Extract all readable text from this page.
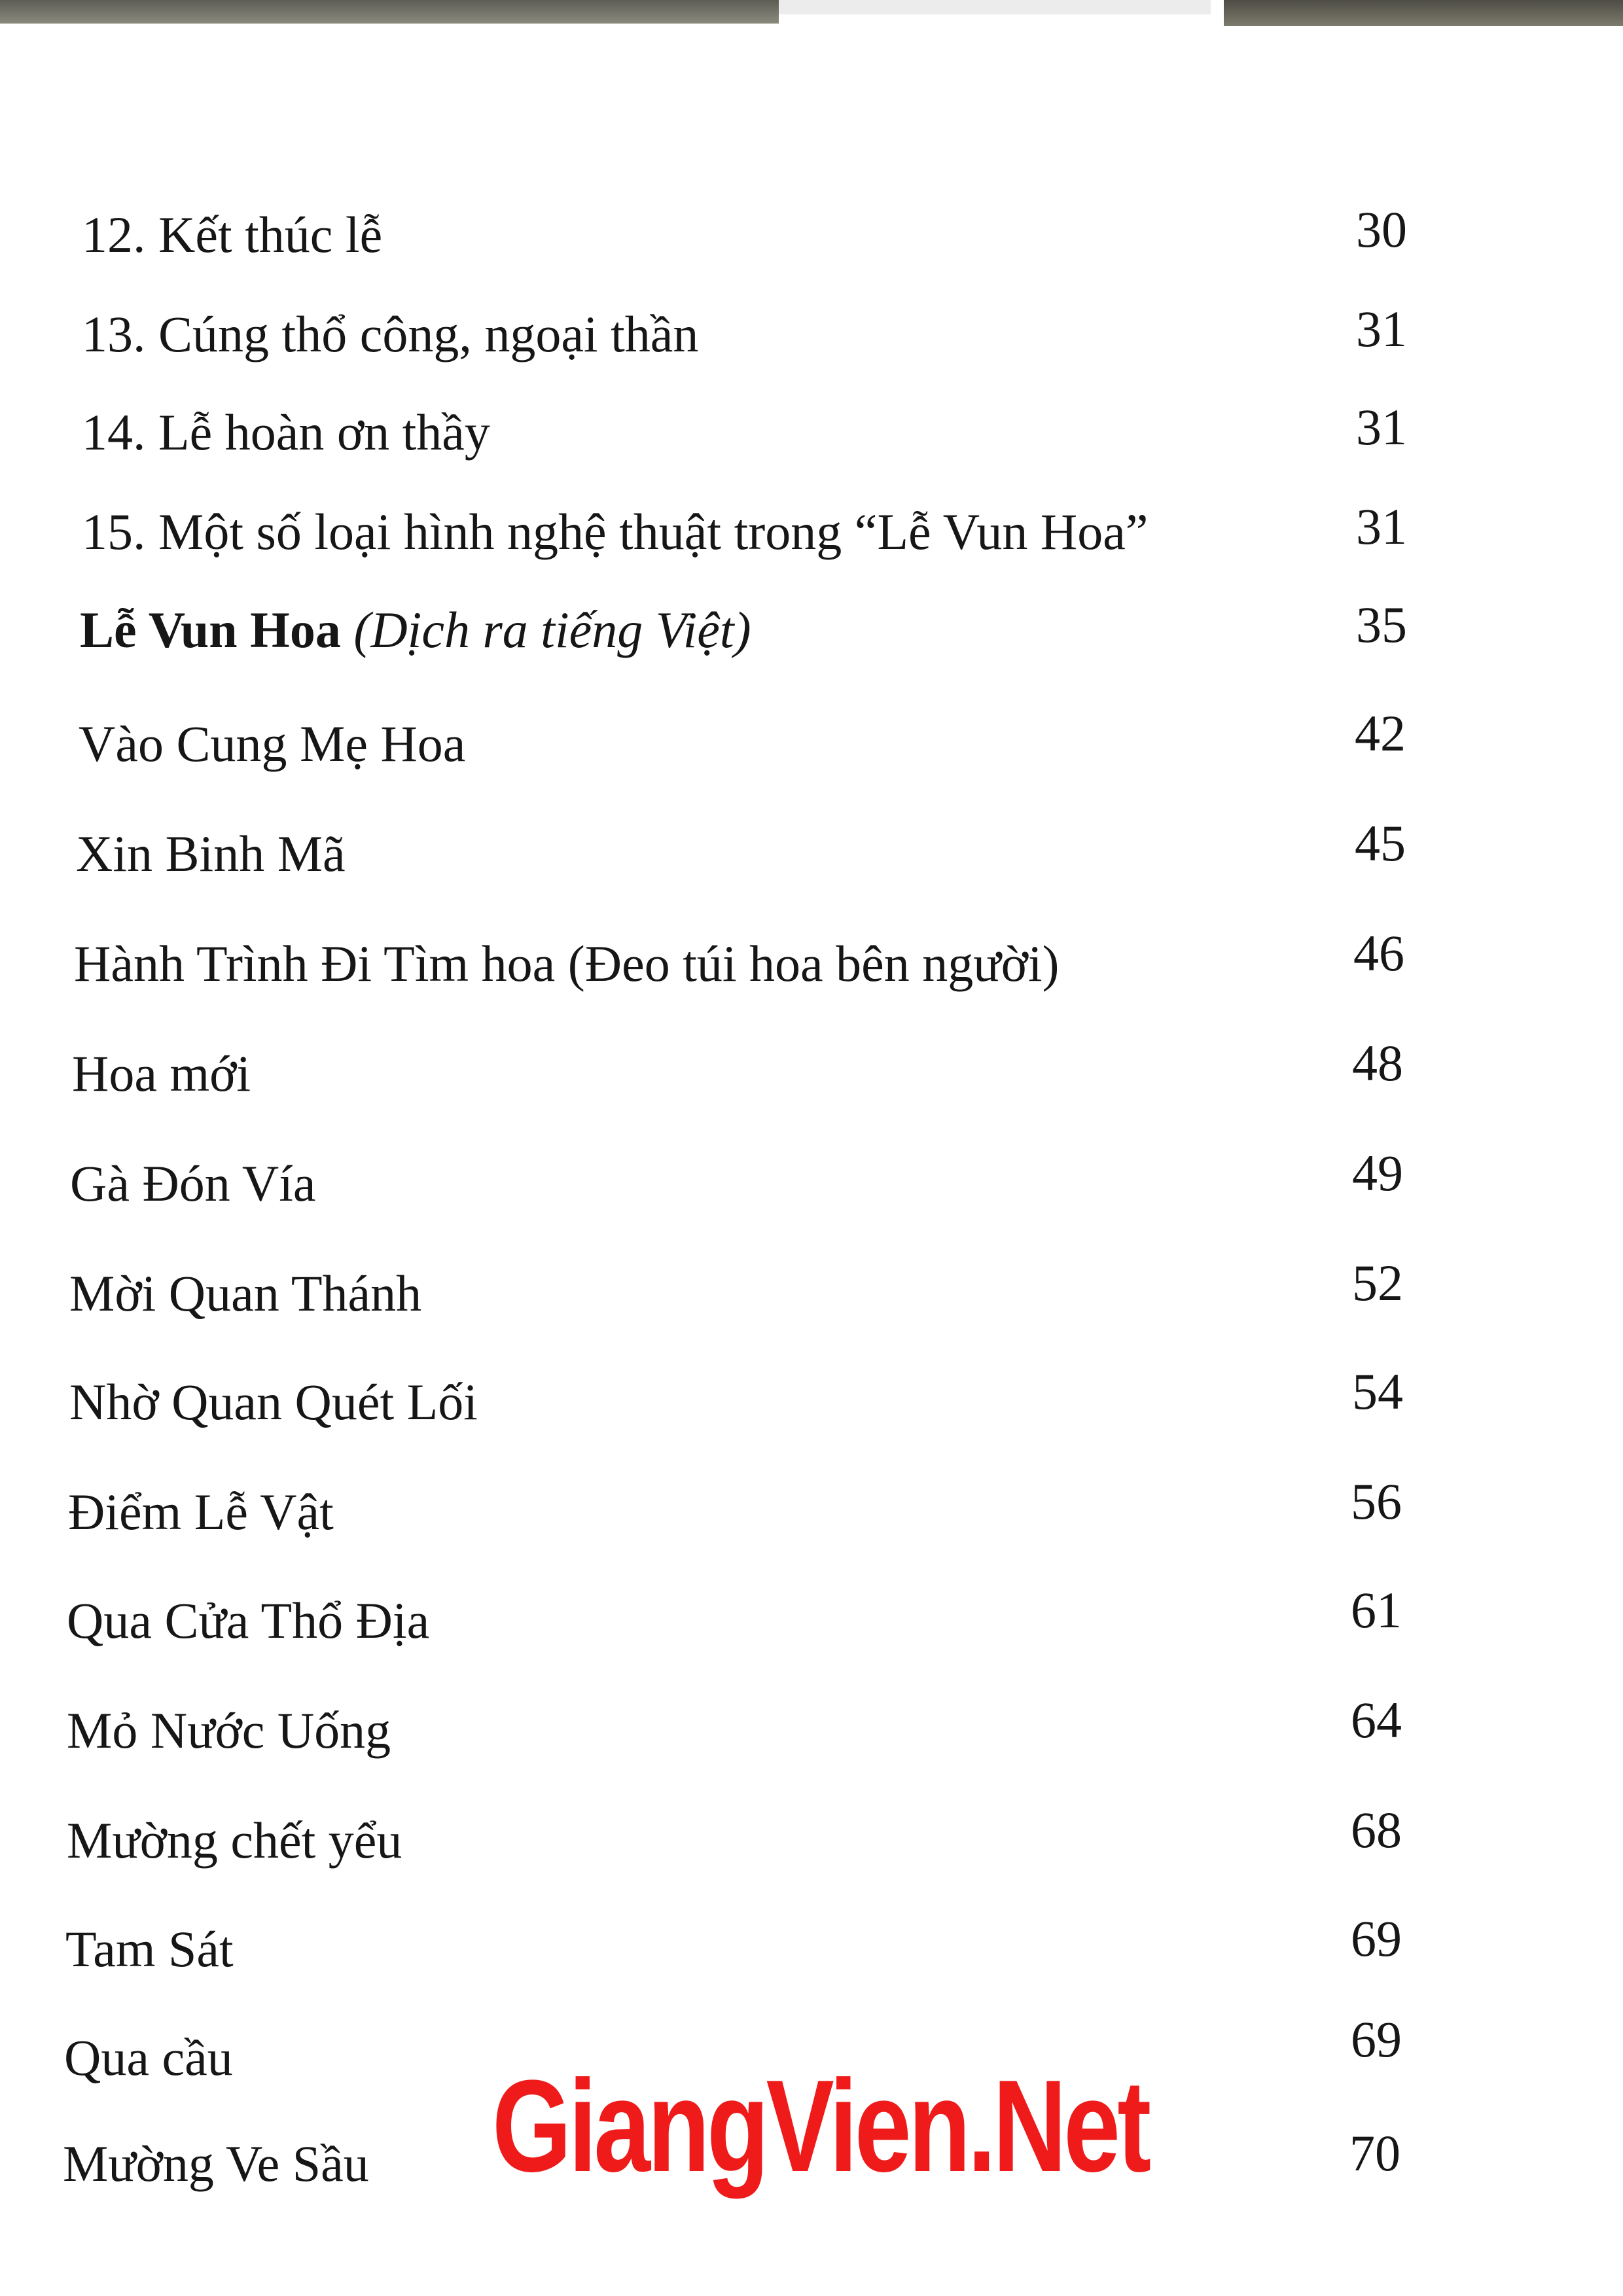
12. Kết thúc lễ	30
13. Cúng thổ công, ngoại thần	31
14. Lễ hoàn ơn thầy	31
15. Một số loại hình nghệ thuật trong “Lễ Vun Hoa”	31
Lễ Vun Hoa (Dịch ra tiếng Việt)	35
Vào Cung Mẹ Hoa	42
Xin Binh Mã	45
Hành Trình Đi Tìm hoa (Đeo túi hoa bên người)	46
Hoa mới	48
Gà Đón Vía	49
Mời Quan Thánh	52
Nhờ Quan Quét Lối	54
Điểm Lễ Vật	56
Qua Cửa Thổ Địa	61
Mỏ Nước Uống	64
Mường chết yểu	68
Tam Sát	69
Qua cầu	69
Mường Ve Sầu	70
GiangVien.Net
